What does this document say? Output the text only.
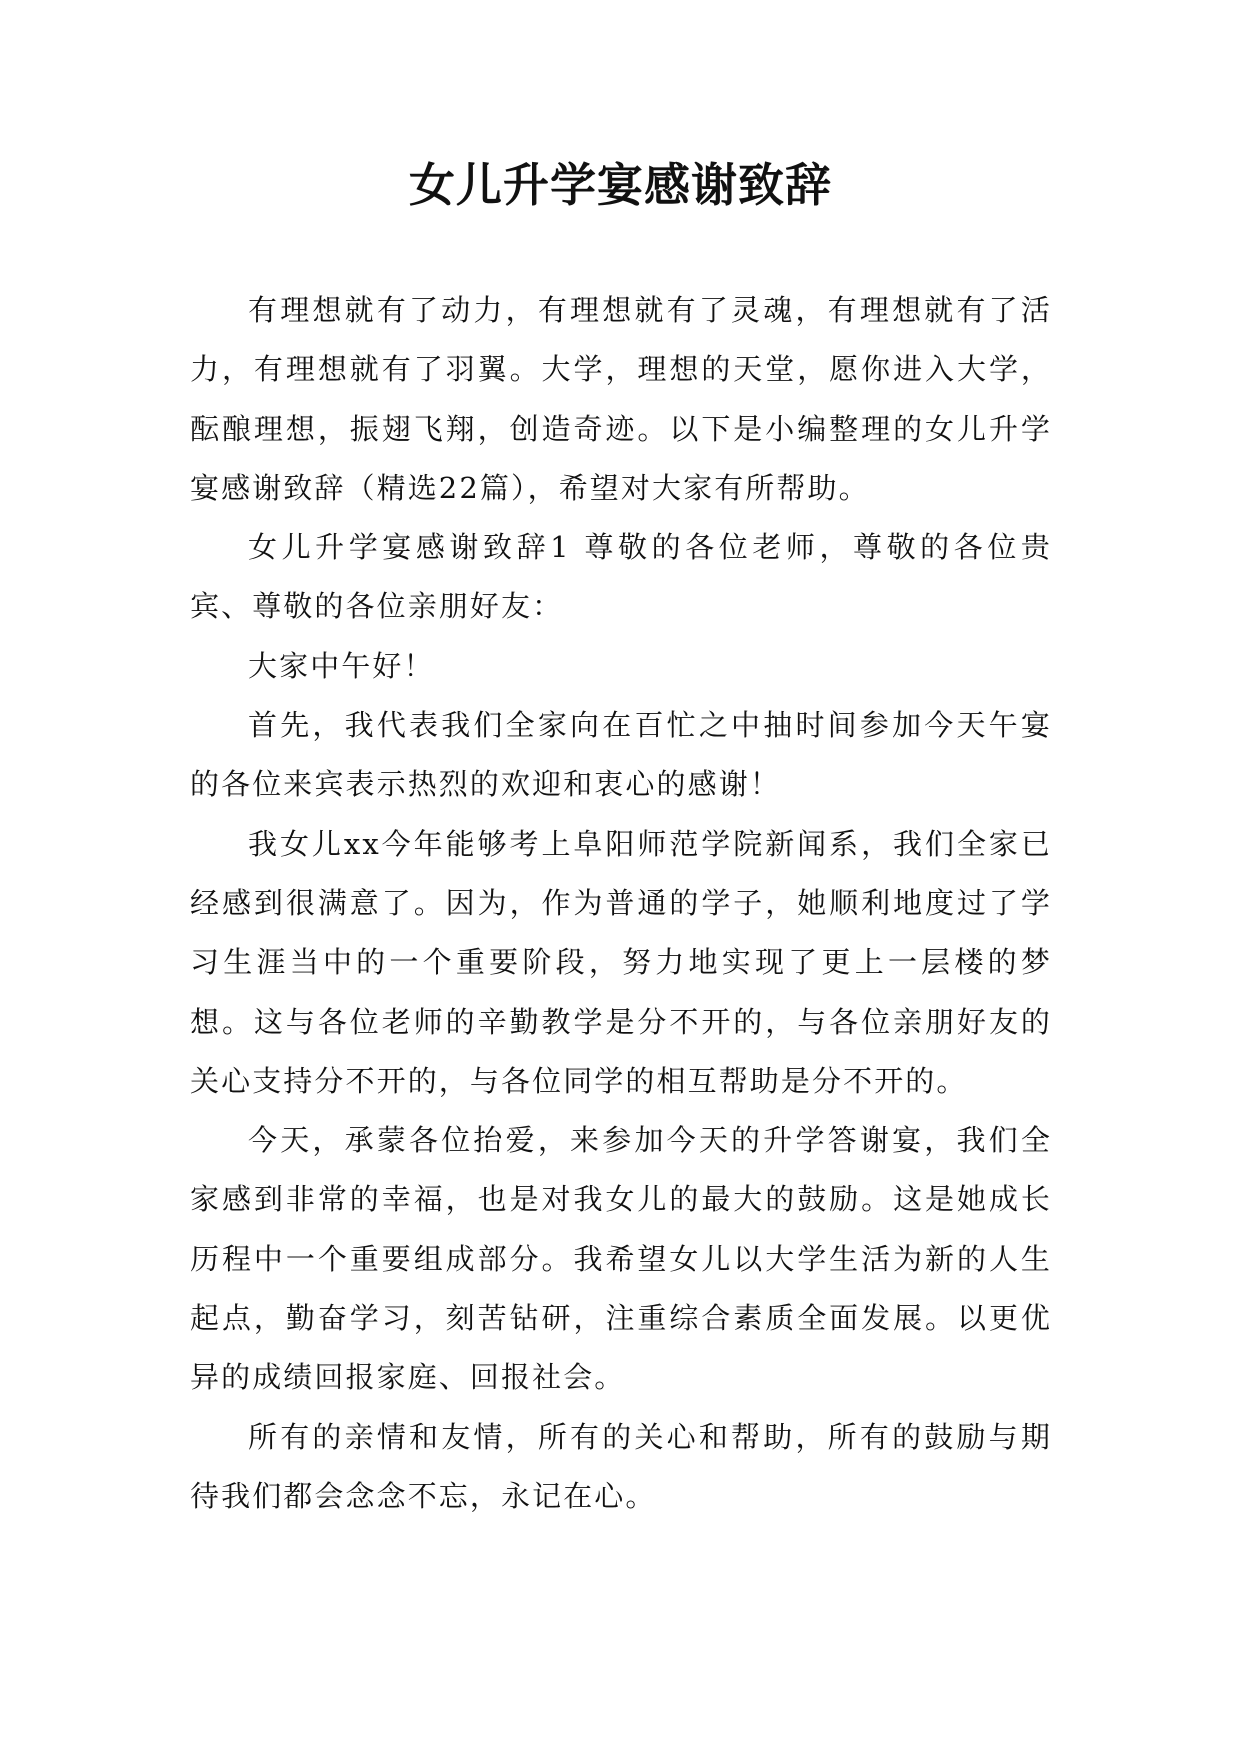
女儿升学宴感谢致辞

有理想就有了动力，有理想就有了灵魂，有理想就有了活力，有理想就有了羽翼。大学，理想的天堂，愿你进入大学，酝酿理想，振翅飞翔，创造奇迹。以下是小编整理的女儿升学宴感谢致辞（精选22篇），希望对大家有所帮助。

女儿升学宴感谢致辞1 尊敬的各位老师，尊敬的各位贵宾、尊敬的各位亲朋好友：

大家中午好！

首先，我代表我们全家向在百忙之中抽时间参加今天午宴的各位来宾表示热烈的欢迎和衷心的感谢！

我女儿xx今年能够考上阜阳师范学院新闻系，我们全家已经感到很满意了。因为，作为普通的学子，她顺利地度过了学习生涯当中的一个重要阶段，努力地实现了更上一层楼的梦想。这与各位老师的辛勤教学是分不开的，与各位亲朋好友的关心支持分不开的，与各位同学的相互帮助是分不开的。

今天，承蒙各位抬爱，来参加今天的升学答谢宴，我们全家感到非常的幸福，也是对我女儿的最大的鼓励。这是她成长历程中一个重要组成部分。我希望女儿以大学生活为新的人生起点，勤奋学习，刻苦钻研，注重综合素质全面发展。以更优异的成绩回报家庭、回报社会。

所有的亲情和友情，所有的关心和帮助，所有的鼓励与期待我们都会念念不忘，永记在心。
